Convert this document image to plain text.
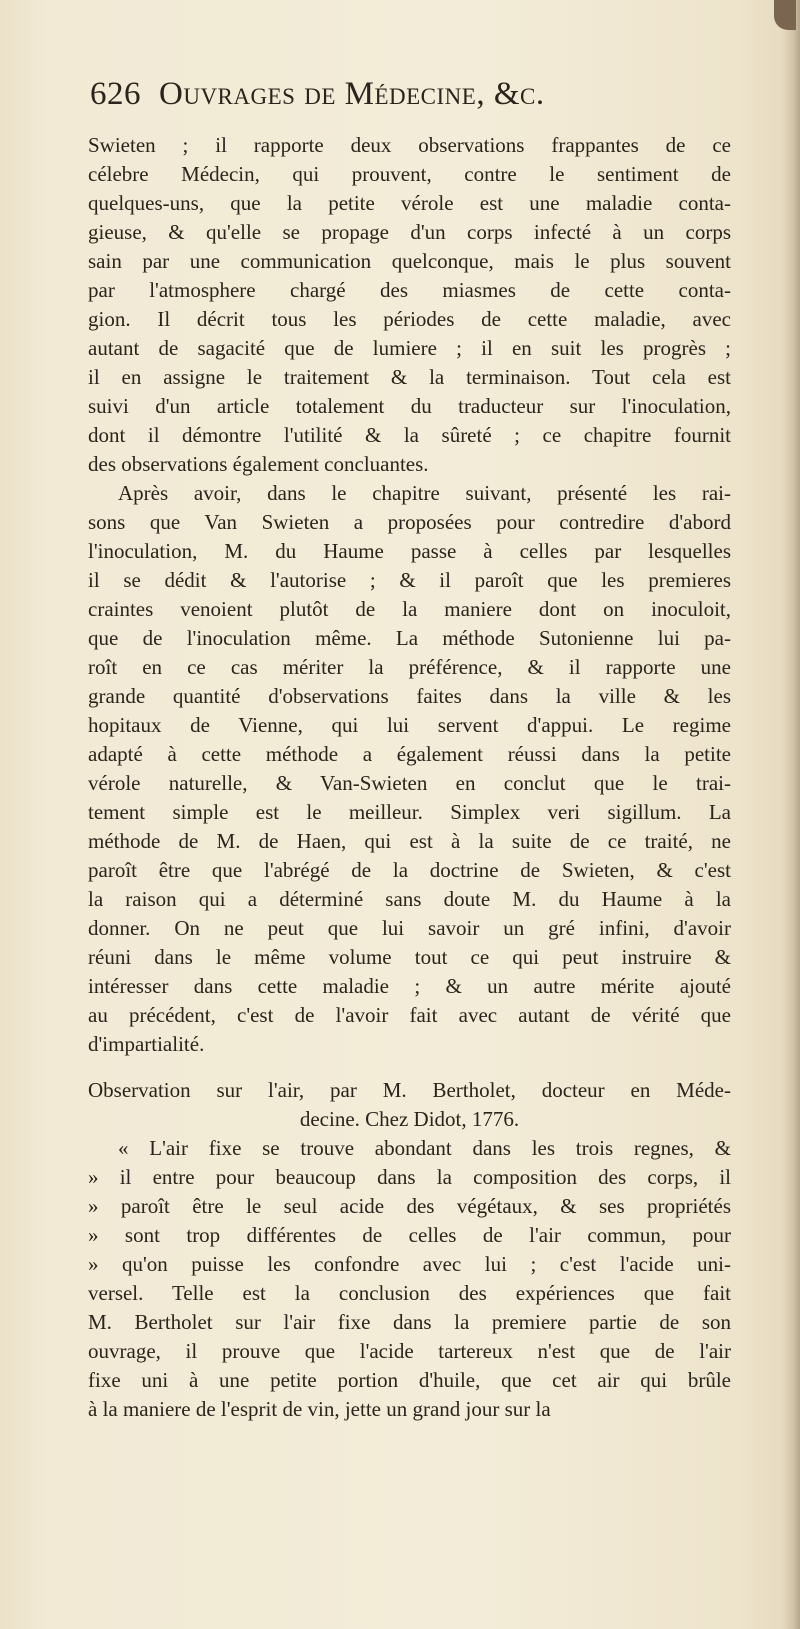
626 Ouvrages de Médecine, &c.
Swieten ; il rapporte deux observations frappantes de ce
célebre Médecin, qui prouvent, contre le sentiment de
quelques-uns, que la petite vérole est une maladie conta-
gieuse, & qu'elle se propage d'un corps infecté à un corps
sain par une communication quelconque, mais le plus souvent
par l'atmosphere chargé des miasmes de cette conta-
gion. Il décrit tous les périodes de cette maladie, avec
autant de sagacité que de lumiere ; il en suit les progrès ;
il en assigne le traitement & la terminaison. Tout cela est
suivi d'un article totalement du traducteur sur l'inoculation,
dont il démontre l'utilité & la sûreté ; ce chapitre fournit
des observations également concluantes.
Après avoir, dans le chapitre suivant, présenté les rai-
sons que Van Swieten a proposées pour contredire d'abord
l'inoculation, M. du Haume passe à celles par lesquelles
il se dédit & l'autorise ; & il paroît que les premieres
craintes venoient plutôt de la maniere dont on inoculoit,
que de l'inoculation même. La méthode Sutonienne lui pa-
roît en ce cas mériter la préférence, & il rapporte une
grande quantité d'observations faites dans la ville & les
hopitaux de Vienne, qui lui servent d'appui. Le regime
adapté à cette méthode a également réussi dans la petite
vérole naturelle, & Van-Swieten en conclut que le trai-
tement simple est le meilleur. Simplex veri sigillum. La
méthode de M. de Haen, qui est à la suite de ce traité, ne
paroît être que l'abrégé de la doctrine de Swieten, & c'est
la raison qui a déterminé sans doute M. du Haume à la
donner. On ne peut que lui savoir un gré infini, d'avoir
réuni dans le même volume tout ce qui peut instruire &
intéresser dans cette maladie ; & un autre mérite ajouté
au précédent, c'est de l'avoir fait avec autant de vérité que
d'impartialité.
Observation sur l'air, par M. Bertholet, docteur en Méde-
decine. Chez Didot, 1776.
« L'air fixe se trouve abondant dans les trois regnes, &
» il entre pour beaucoup dans la composition des corps, il
» paroît être le seul acide des végétaux, & ses propriétés
» sont trop différentes de celles de l'air commun, pour
» qu'on puisse les confondre avec lui ; c'est l'acide uni-
versel. Telle est la conclusion des expériences que fait
M. Bertholet sur l'air fixe dans la premiere partie de son
ouvrage, il prouve que l'acide tartereux n'est que de l'air
fixe uni à une petite portion d'huile, que cet air qui brûle
à la maniere de l'esprit de vin, jette un grand jour sur la
